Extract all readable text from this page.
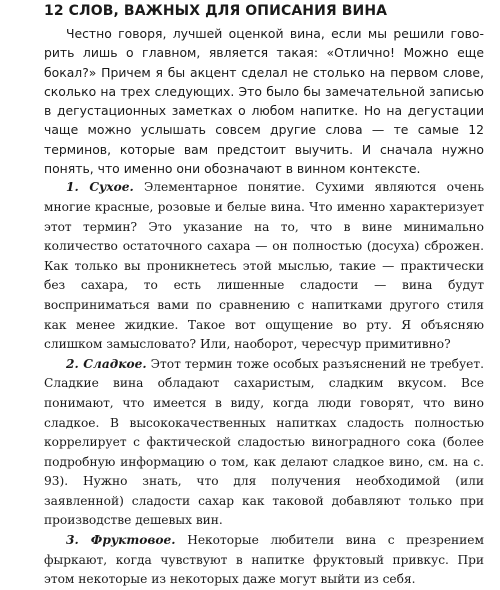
12 СЛОВ, ВАЖНЫХ ДЛЯ ОПИСАНИЯ ВИНА

Честно говоря, лучшей оценкой вина, если мы решили говорить лишь о главном, является такая: «Отлично! Можно еще бокал?» Причем я бы акцент сделал не столько на первом слове, сколько на трех следующих. Это было бы замечательной записью в дегустационных заметках о любом напитке. Но на дегустации чаще можно услышать совсем другие слова — те самые 12 терминов, которые вам предстоит выучить. И сначала нужно понять, что именно они обозначают в винном контексте.

1. Сухое. Элементарное понятие. Сухими являются очень многие красные, розовые и белые вина. Что именно характеризует этот термин? Это указание на то, что в вине минимально количество остаточного сахара — он полностью (досуха) сброжен. Как только вы проникнетесь этой мыслью, такие — практически без сахара, то есть лишенные сладости — вина будут восприниматься вами по сравнению с напитками другого стиля как менее жидкие. Такое вот ощущение во рту. Я объясняю слишком замысловато? Или, наоборот, чересчур примитивно?

2. Сладкое. Этот термин тоже особых разъяснений не требует. Сладкие вина обладают сахаристым, сладким вкусом. Все понимают, что имеется в виду, когда люди говорят, что вино сладкое. В высококачественных напитках сладость полностью коррелирует с фактической сладостью виноградного сока (более подробную информацию о том, как делают сладкое вино, см. на с. 93). Нужно знать, что для получения необходимой (или заявленной) сладости сахар как таковой добавляют только при производстве дешевых вин.

3. Фруктовое. Некоторые любители вина с презрением фыркают, когда чувствуют в напитке фруктовый привкус. При этом некоторые из некоторых даже могут выйти из себя.
